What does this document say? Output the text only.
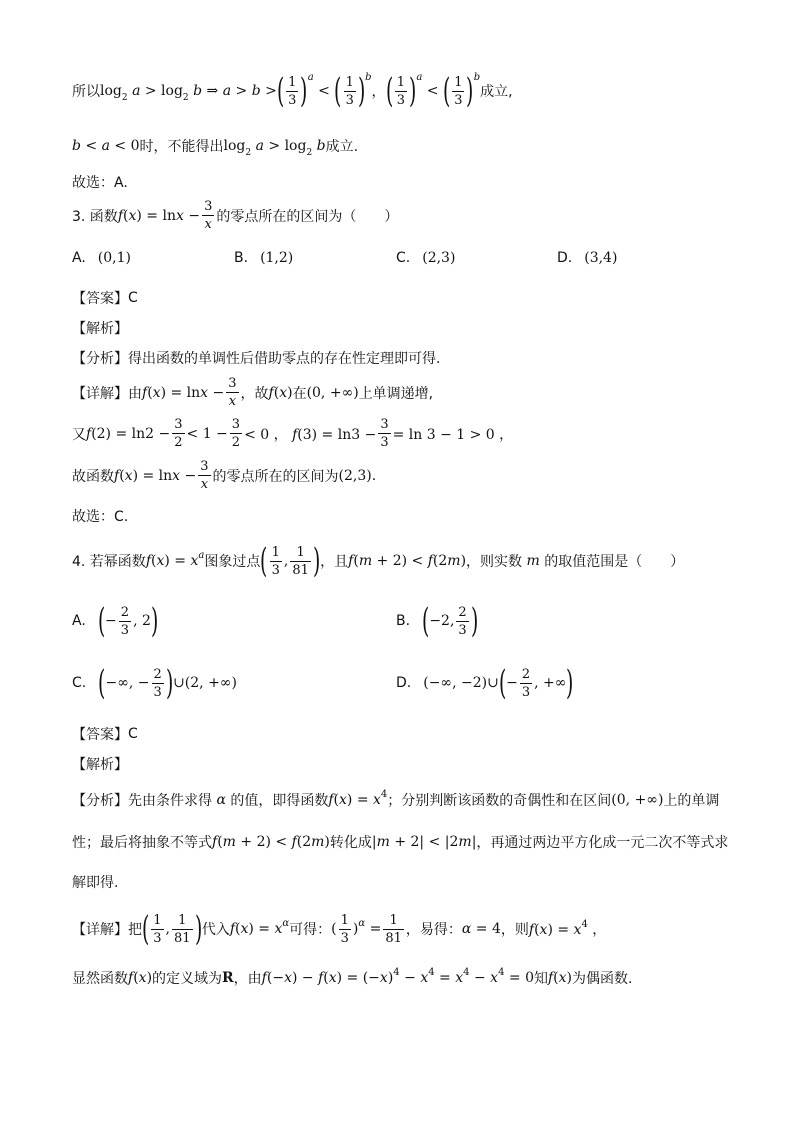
所以 $\log_2 a > \log_2 b$ ⇒ a > b > ( $\frac{1}{3}$ ) a
< ( $\frac{1}{3}$ ) b
， ( $\frac{1}{3}$ ) a
< ( $\frac{1}{3}$ ) b
成立,
b < a < 0 时，不能得出 $\log_2 a > \log_2 b$ 成立.
故选：A.
3. 函数 $f(x) = \ln x - \frac{3}{x}$ 的零点所在的区间为（　　）
A. (0,1)	B. (1,2)	C. (2,3)	D. (3,4)
【答案】 C
【解析】
【分析】 得出函数的单调性后借助零点的存在性定理即可得.
【详解】 由 $f(x) = \ln x - \frac{3}{x}$ ，故 f(x) 在 (0, +∞) 上单调递增,
又 $f(2) = \ln 2 - \frac{3}{2} < 1 - \frac{3}{2} < 0$ ， $f(3) = \ln 3 - \frac{3}{3} = \ln 3 - 1 > 0$ ，
故函数 $f(x) = \ln x - \frac{3}{x}$ 的零点所在的区间为 (2,3).
故选：C.
4. 若幂函数 $f(x) = x^a$ 图象过点 ( $\frac{1}{3}$ , $\frac{1}{81}$ ) ，且 f(m + 2) < f(2m) ，则实数 m 的取值范围是（　　）
A. ( − $\frac{2}{3}$ , 2 )	B. ( −2, $\frac{2}{3}$ )
C. ( −∞, − $\frac{2}{3}$ ) ∪(2, +∞)	D. (−∞, −2)∪ ( − $\frac{2}{3}$ , +∞ )
【答案】 C
【解析】
【分析】 先由条件求得 α 的值，即得函数 $f(x) = x^4$ ；分别判断该函数的奇偶性和在区间 (0, +∞) 上的单调
性；最后将抽象不等式 f(m + 2) < f(2m) 转化成 |m + 2| < |2m| ，再通过两边平方化成一元二次不等式求
解即得.
【详解】 把 ( $\frac{1}{3}$ , $\frac{1}{81}$ ) 代入 $f(x) = x^\alpha$ 可得： ( $\frac{1}{3} )^\alpha = \frac{1}{81}$ ，易得： α = 4 ，则 $f(x) = x^4$ ，
显然函数 f(x) 的定义域为 R ，由 $f(-x) - f(x) = (-x)^4 - x^4 = x^4 - x^4 = 0$ 知 f(x) 为偶函数.
